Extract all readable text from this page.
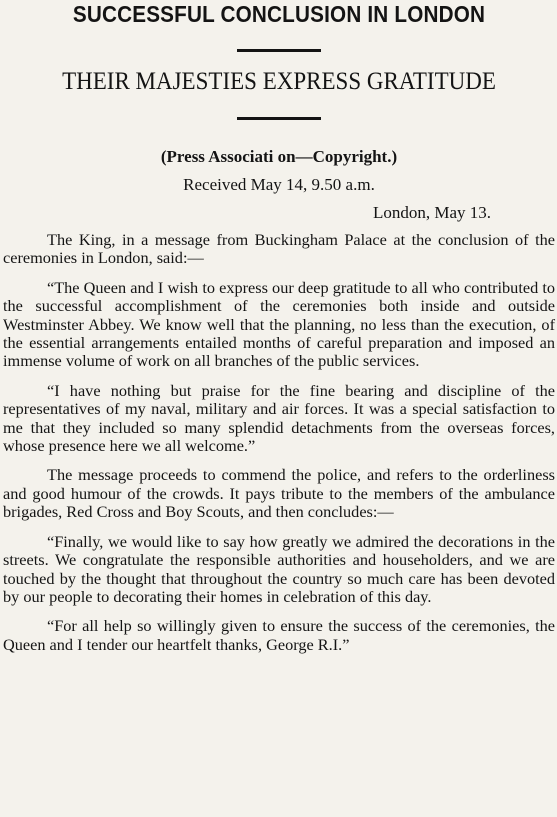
SUCCESSFUL CONCLUSION IN LONDON
THEIR MAJESTIES EXPRESS GRATITUDE
(Press Associati on—Copyright.)
Received May 14, 9.50 a.m.
London, May 13.

The King, in a message from Buckingham Palace at the conclusion of the ceremonies in London, said:—

“The Queen and I wish to express our deep gratitude to all who contributed to the successful accomplishment of the ceremonies both inside and outside Westminster Abbey. We know well that the planning, no less than the execution, of the essential arrangements entailed months of careful preparation and imposed an immense volume of work on all branches of the public services.

“I have nothing but praise for the fine bearing and discipline of the representatives of my naval, military and air forces. It was a special satisfaction to me that they included so many splendid detachments from the overseas forces, whose presence here we all welcome.”

The message proceeds to commend the police, and refers to the orderliness and good humour of the crowds. It pays tribute to the members of the ambulance brigades, Red Cross and Boy Scouts, and then concludes:—

“Finally, we would like to say how greatly we admired the decorations in the streets. We congratulate the responsible authorities and householders, and we are touched by the thought that throughout the country so much care has been devoted by our people to decorating their homes in celebration of this day.

“For all help so willingly given to ensure the success of the ceremonies, the Queen and I tender our heartfelt thanks, George R.I.”
